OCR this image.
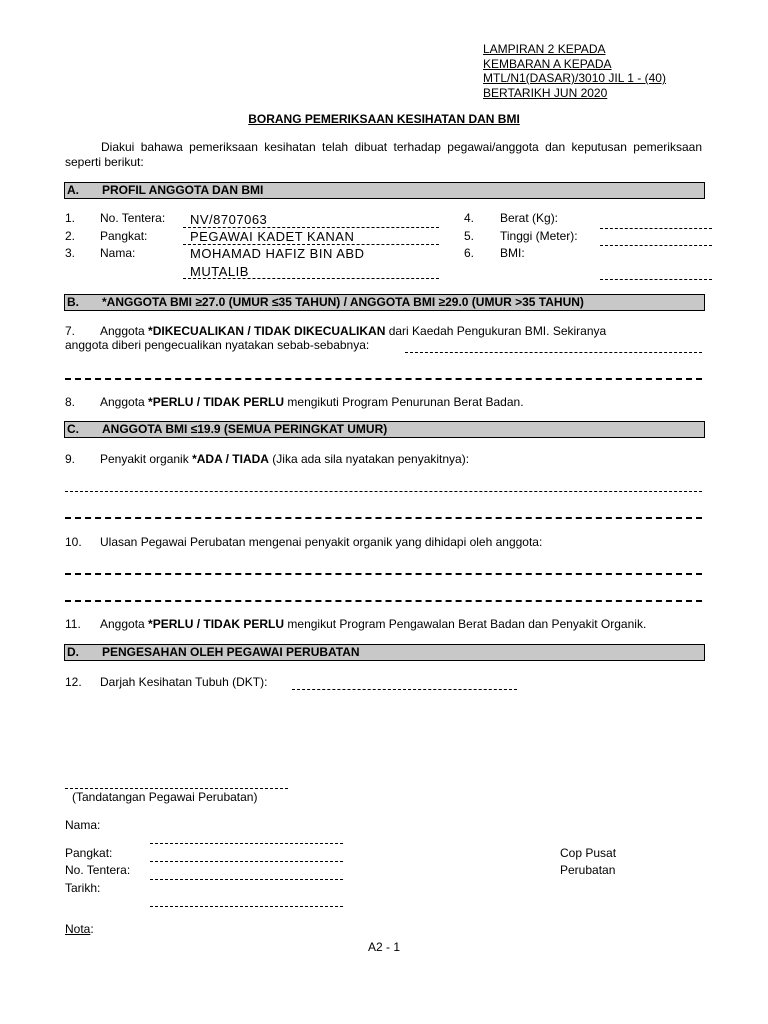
LAMPIRAN 2 KEPADA
KEMBARAN A KEPADA
MTL/N1(DASAR)/3010 JIL 1 - (40)
BERTARIKH JUN 2020
BORANG PEMERIKSAAN KESIHATAN DAN BMI
Diakui bahawa pemeriksaan kesihatan telah dibuat terhadap pegawai/anggota dan keputusan pemeriksaan seperti berikut:
A. PROFIL ANGGOTA DAN BMI
1. No. Tentera: NV/8707063
2. Pangkat:	PEGAWAI KADET KANAN
3. Nama:	MOHAMAD HAFIZ BIN ABD
MUTALIB
4. Berat (Kg):
5. Tinggi (Meter):
6. BMI:
B. *ANGGOTA BMI ≥27.0 (UMUR ≤35 TAHUN) / ANGGOTA BMI ≥29.0 (UMUR >35 TAHUN)
7. Anggota *DIKECUALIKAN / TIDAK DIKECUALIKAN dari Kaedah Pengukuran BMI. Sekiranya
anggota diberi pengecualikan nyatakan sebab-sebabnya:
8. Anggota *PERLU / TIDAK PERLU mengikuti Program Penurunan Berat Badan.
C. ANGGOTA BMI ≤19.9 (SEMUA PERINGKAT UMUR)
9. Penyakit organik *ADA / TIADA (Jika ada sila nyatakan penyakitnya):
10. Ulasan Pegawai Perubatan mengenai penyakit organik yang dihidapi oleh anggota:
11. Anggota *PERLU / TIDAK PERLU mengikut Program Pengawalan Berat Badan dan Penyakit Organik.
D. PENGESAHAN OLEH PEGAWAI PERUBATAN
12. Darjah Kesihatan Tubuh (DKT):
(Tandatangan Pegawai Perubatan)
Nama:
Pangkat:
No. Tentera:
Tarikh:
Cop Pusat
Perubatan
Nota:
A2 - 1
